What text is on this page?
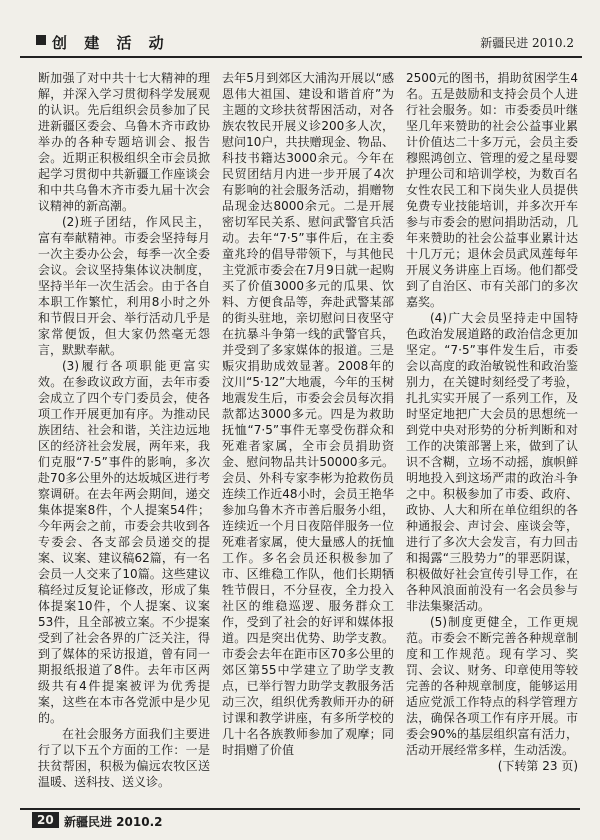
创 建 活 动	新疆民进 2010.2

断加强了对中共十七大精神的理解，并深入学习贯彻科学发展观的认识。先后组织会员参加了民进新疆区委会、乌鲁木齐市政协举办的各种专题培训会、报告会。近期正积极组织全市会员掀起学习贯彻中共新疆工作座谈会和中共乌鲁木齐市委九届十次会议精神的新高潮。

(2)班子团结，作风民主，富有奉献精神。市委会坚持每月一次主委办公会，每季一次全委会议。会议坚持集体议决制度，坚持半年一次生活会。由于各自本职工作繁忙，利用8小时之外和节假日开会、举行活动几乎是家常便饭，但大家仍然毫无怨言，默默奉献。

(3)履行各项职能更富实效。在参政议政方面，去年市委会成立了四个专门委员会，使各项工作开展更加有序。为推动民族团结、社会和谐，关注边远地区的经济社会发展，两年来，我们克服“7·5”事件的影响，多次赴70多公里外的达坂城区进行考察调研。在去年两会期间，递交集体提案8件，个人提案54件；今年两会之前，市委会共收到各专委会、各支部会员递交的提案、议案、建议稿62篇，有一名会员一人交来了10篇。这些建议稿经过反复论证修改，形成了集体提案10件，个人提案、议案53件，且全部被立案。不少提案受到了社会各界的广泛关注，得到了媒体的采访报道，曾有同一期报纸报道了8件。去年市区两级共有4件提案被评为优秀提案，这些在本市各党派中是少见的。

在社会服务方面我们主要进行了以下五个方面的工作：一是扶贫帮困，积极为偏远农牧区送温暖、送科技、送义诊。

去年5月到郊区大浦沟开展以“感恩伟大祖国、建设和谐首府”为主题的文珍扶贫帮困活动，对各族农牧民开展义诊200多人次，慰问10户，共扶赠现金、物品、科技书籍达3000余元。今年在民贸团结月内进一步开展了4次有影响的社会服务活动，捐赠物品现金达8000余元。二是开展密切军民关系、慰问武警官兵活动。去年“7·5”事件后，在主委童兆玲的倡导带领下，与其他民主党派市委会在7月9日就一起购买了价值3000多元的瓜果、饮料、方便食品等，奔赴武警某部的街头驻地，亲切慰问日夜坚守在抗暴斗争第一线的武警官兵，并受到了多家媒体的报道。三是赈灾捐助成效显著。2008年的汶川“5·12”大地震，今年的玉树地震发生后，市委会会员每次捐款都达3000多元。四是为救助抚恤“7·5”事件无辜受伤群众和死难者家属，全市会员捐助资金、慰问物品共计50000多元。会员、外科专家李彬为抢救伤员连续工作近48小时，会员王艳华参加乌鲁木齐市善后服务小组，连续近一个月日夜陪伴服务一位死难者家属，使大量感人的抚恤工作。多名会员还积极参加了市、区维稳工作队，他们长期牺牲节假日，不分昼夜，全力投入社区的维稳巡逻、服务群众工作，受到了社会的好评和媒体报道。四是突出优势、助学支教。市委会去年在距市区70多公里的郊区第55中学建立了助学支教点，已举行智力助学支教服务活动三次，组织优秀教师开办的研讨课和教学讲座，有多所学校的几十名各族教师参加了观摩；同时捐赠了价值

2500元的图书，捐助贫困学生4名。五是鼓励和支持会员个人进行社会服务。如：市委委员叶继坚几年来赞助的社会公益事业累计价值达二十多万元，会员主委穆熙鸿创立、管理的爱之星母婴护理公司和培训学校，为数百名女性农民工和下岗失业人员提供免费专业技能培训，并多次开车参与市委会的慰问捐助活动，几年来赞助的社会公益事业累计达十几万元；退休会员武凤莲每年开展义务讲座上百场。他们都受到了自治区、市有关部门的多次嘉奖。

(4)广大会员坚持走中国特色政治发展道路的政治信念更加坚定。“7·5”事件发生后，市委会以高度的政治敏锐性和政治鉴别力，在关键时刻经受了考验，扎扎实实开展了一系列工作，及时坚定地把广大会员的思想统一到党中央对形势的分析判断和对工作的决策部署上来，做到了认识不含糊，立场不动摇，旗帜鲜明地投入到这场严肃的政治斗争之中。积极参加了市委、政府、政协、人大和所在单位组织的各种通报会、声讨会、座谈会等，进行了多次大会发言，有力回击和揭露“三股势力”的罪恶阴谋，积极做好社会宣传引导工作，在各种风浪面前没有一名会员参与非法集聚活动。

(5)制度更健全，工作更规范。市委会不断完善各种规章制度和工作规范。现有学习、奖罚、会议、财务、印章使用等较完善的各种规章制度，能够运用适应党派工作特点的科学管理方法，确保各项工作有序开展。市委会90%的基层组织富有活力，活动开展经常多样，生动活泼。

(下转第 23 页)

20 新疆民进 2010.2
